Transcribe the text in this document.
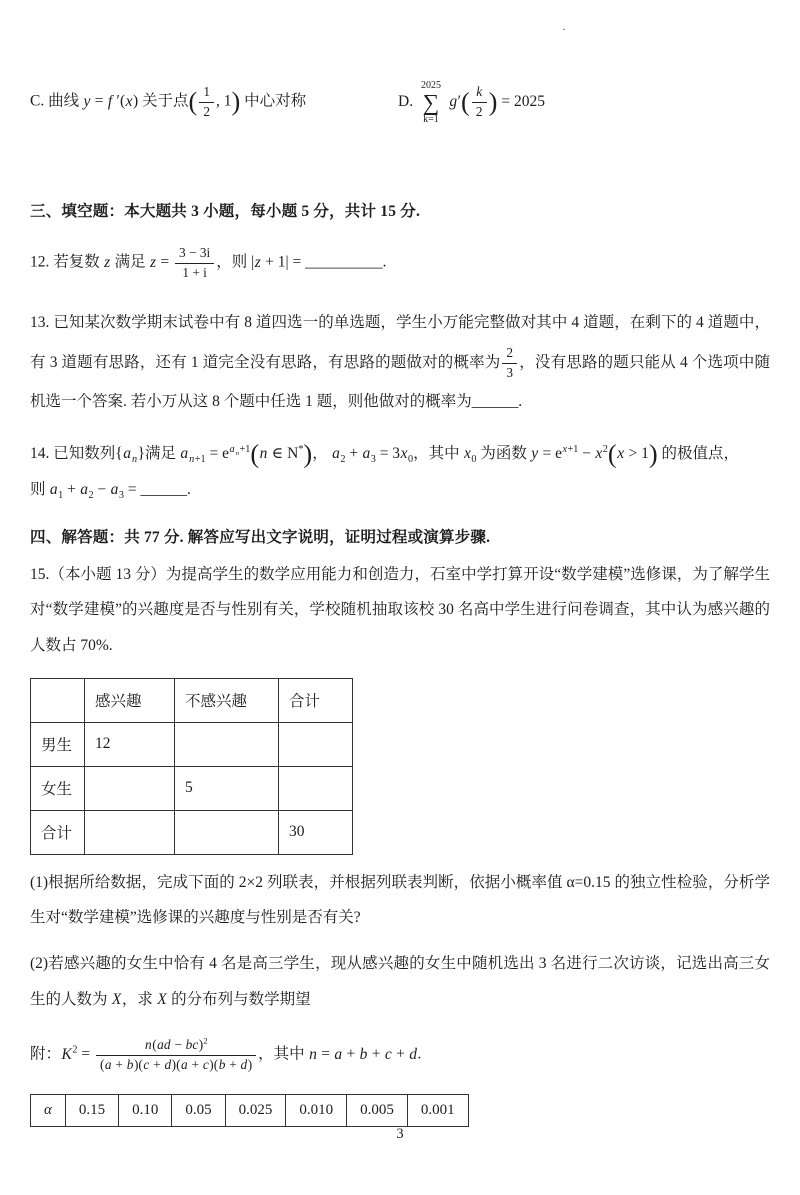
·
C. 曲线 y = f ′(x) 关于点( $\frac{1}{2}$ , 1) 中心对称	D.
2025
∑
k=1
$g'( \frac{k}{2}$ ) = 2025
三、填空题：本大题共 3 小题，每小题 5 分，共计 15 分.
12. 若复数 z 满足 $z = \frac{3 - 3i}{1 + i}$ ，则 |z + 1| = __________.
13. 已知某次数学期末试卷中有 8 道四选一的单选题，学生小万能完整做对其中 4 道题，在剩下的 4 道题中，有 3 道题有思路，还有 1 道完全没有思路，有思路的题做对的概率为 $\frac{2}{3}$ ，没有思路的题只能从 4 个选项中随机选一个答案. 若小万从这 8 个题中任选 1 题，则他做对的概率为______.
14. 已知数列$\{a_n\}$满足 $a_{n+1} = e^{a_n+1}(n$ ∈ N*)， $a_2 + a_3 = 3x_0$，其中 $x_0$ 为函数 $y = e^{x+1} - x^2(x > 1)$ 的极值点，
则 $a_1 + a_2 - a_3$ = ______.
四、解答题：共 77 分. 解答应写出文字说明，证明过程或演算步骤.
15.（本小题 13 分）为提高学生的数学应用能力和创造力，石室中学打算开设“数学建模”选修课，为了解学生对“数学建模”的兴趣度是否与性别有关，学校随机抽取该校 30 名高中学生进行问卷调查，其中认为感兴趣的人数占 70%.
	感兴趣	不感兴趣	合计
男生	12		
女生		5	
合计			30
(1)根据所给数据，完成下面的 2×2 列联表，并根据列联表判断，依据小概率值 α=0.15 的独立性检验，分析学生对“数学建模”选修课的兴趣度与性别是否有关?
(2)若感兴趣的女生中恰有 4 名是高三学生，现从感兴趣的女生中随机选出 3 名进行二次访谈，记选出高三女生的人数为 X，求 X 的分布列与数学期望
附：$K^2 = \frac{n(ad - bc)^2}{(a + b)(c + d)(a + c)(b + d)}$ ，其中 n = a + b + c + d.
α	0.15	0.10	0.05	0.025	0.010	0.005	0.001
3
